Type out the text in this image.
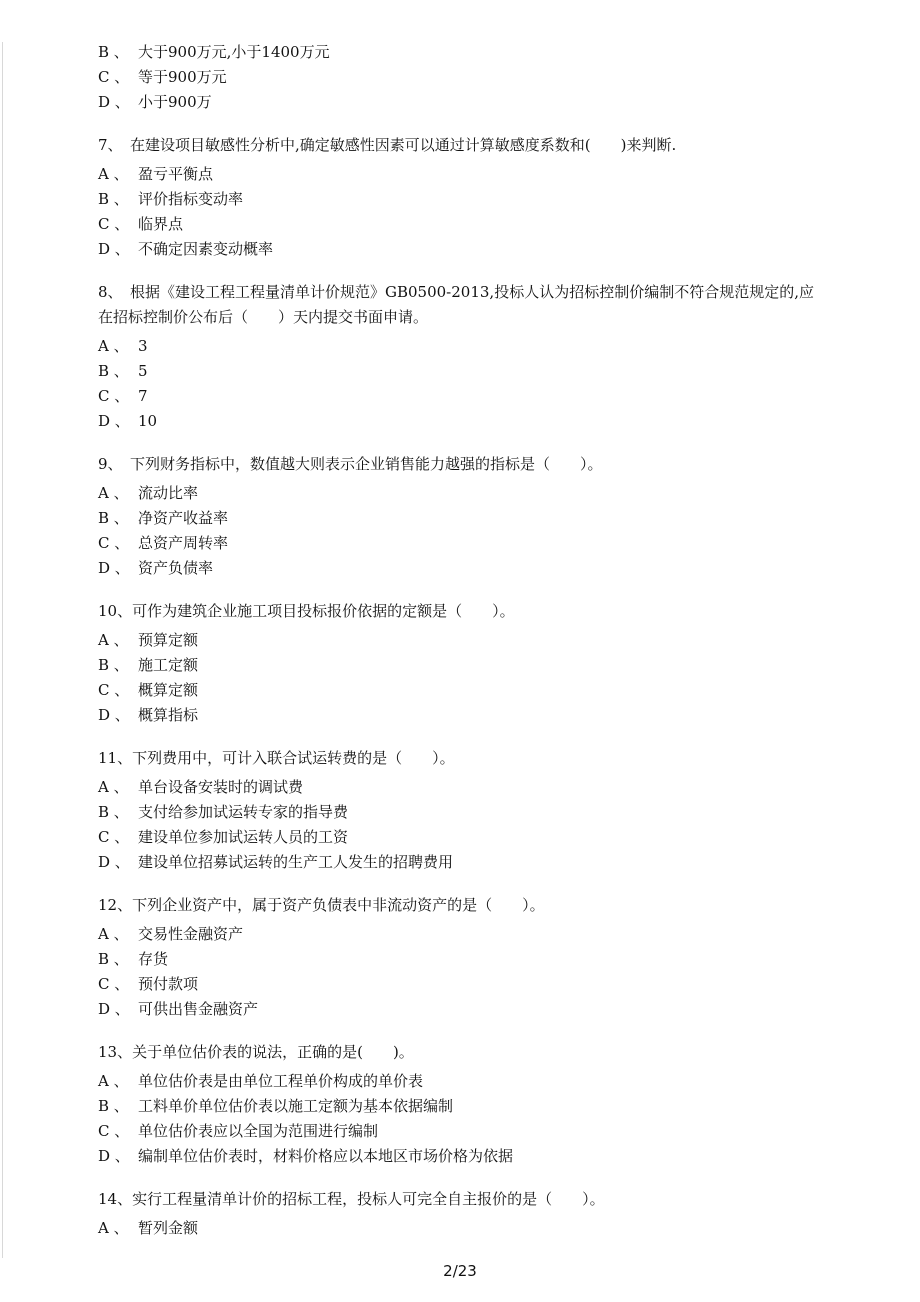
B 、 大于900万元,小于1400万元
C 、 等于900万元
D 、 小于900万
7、 在建设项目敏感性分析中,确定敏感性因素可以通过计算敏感度系数和(　　)来判断.
A 、 盈亏平衡点
B 、 评价指标变动率
C 、 临界点
D 、 不确定因素变动概率
8、 根据《建设工程工程量清单计价规范》GB0500-2013,投标人认为招标控制价编制不符合规范规定的,应在招标控制价公布后（　　）天内提交书面申请。
A 、 3
B 、 5
C 、 7
D 、 10
9、 下列财务指标中，数值越大则表示企业销售能力越强的指标是（　　）。
A 、 流动比率
B 、 净资产收益率
C 、 总资产周转率
D 、 资产负债率
10、可作为建筑企业施工项目投标报价依据的定额是（　　）。
A 、 预算定额
B 、 施工定额
C 、 概算定额
D 、 概算指标
11、下列费用中，可计入联合试运转费的是（　　）。
A 、 单台设备安装时的调试费
B 、 支付给参加试运转专家的指导费
C 、 建设单位参加试运转人员的工资
D 、 建设单位招募试运转的生产工人发生的招聘费用
12、下列企业资产中，属于资产负债表中非流动资产的是（　　）。
A 、 交易性金融资产
B 、 存货
C 、 预付款项
D 、 可供出售金融资产
13、关于单位估价表的说法，正确的是(　　)。
A 、 单位估价表是由单位工程单价构成的单价表
B 、 工料单价单位估价表以施工定额为基本依据编制
C 、 单位估价表应以全国为范围进行编制
D 、 编制单位估价表时，材料价格应以本地区市场价格为依据
14、实行工程量清单计价的招标工程，投标人可完全自主报价的是（　　）。
A 、 暂列金额
2/23
